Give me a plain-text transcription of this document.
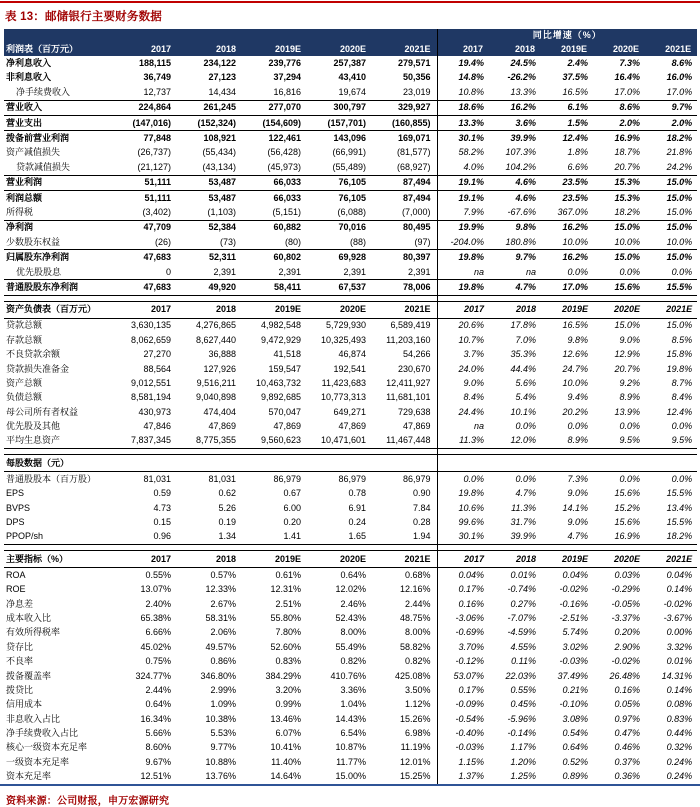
表 13：邮储银行主要财务数据
						同比增速（%）				
利润表（百万元）	2017	2018	2019E	2020E	2021E	2017	2018	2019E	2020E	2021E
净利息收入	188,115	234,122	239,776	257,387	279,571	19.4%	24.5%	2.4%	7.3%	8.6%
非利息收入	36,749	27,123	37,294	43,410	50,356	14.8%	-26.2%	37.5%	16.4%	16.0%
净手续费收入	12,737	14,434	16,816	19,674	23,019	10.8%	13.3%	16.5%	17.0%	17.0%
营业收入	224,864	261,245	277,070	300,797	329,927	18.6%	16.2%	6.1%	8.6%	9.7%
营业支出	(147,016)	(152,324)	(154,609)	(157,701)	(160,855)	13.3%	3.6%	1.5%	2.0%	2.0%
拨备前营业利润	77,848	108,921	122,461	143,096	169,071	30.1%	39.9%	12.4%	16.9%	18.2%
资产减值损失	(26,737)	(55,434)	(56,428)	(66,991)	(81,577)	58.2%	107.3%	1.8%	18.7%	21.8%
贷款减值损失	(21,127)	(43,134)	(45,973)	(55,489)	(68,927)	4.0%	104.2%	6.6%	20.7%	24.2%
营业利润	51,111	53,487	66,033	76,105	87,494	19.1%	4.6%	23.5%	15.3%	15.0%
利润总额	51,111	53,487	66,033	76,105	87,494	19.1%	4.6%	23.5%	15.3%	15.0%
所得税	(3,402)	(1,103)	(5,151)	(6,088)	(7,000)	7.9%	-67.6%	367.0%	18.2%	15.0%
净利润	47,709	52,384	60,882	70,016	80,495	19.9%	9.8%	16.2%	15.0%	15.0%
少数股东权益	(26)	(73)	(80)	(88)	(97)	-204.0%	180.8%	10.0%	10.0%	10.0%
归属股东净利润	47,683	52,311	60,802	69,928	80,397	19.8%	9.7%	16.2%	15.0%	15.0%
优先股股息	0	2,391	2,391	2,391	2,391	na	na	0.0%	0.0%	0.0%
普通股股东净利润	47,683	49,920	58,411	67,537	78,006	19.8%	4.7%	17.0%	15.6%	15.5%

资产负债表（百万元）	2017	2018	2019E	2020E	2021E	2017	2018	2019E	2020E	2021E
贷款总额	3,630,135	4,276,865	4,982,548	5,729,930	6,589,419	20.6%	17.8%	16.5%	15.0%	15.0%
存款总额	8,062,659	8,627,440	9,472,929	10,325,493	11,203,160	10.7%	7.0%	9.8%	9.0%	8.5%
不良贷款余额	27,270	36,888	41,518	46,874	54,266	3.7%	35.3%	12.6%	12.9%	15.8%
贷款损失准备金	88,564	127,926	159,547	192,541	230,670	24.0%	44.4%	24.7%	20.7%	19.8%
资产总额	9,012,551	9,516,211	10,463,732	11,423,683	12,411,927	9.0%	5.6%	10.0%	9.2%	8.7%
负债总额	8,581,194	9,040,898	9,892,685	10,773,313	11,681,101	8.4%	5.4%	9.4%	8.9%	8.4%
母公司所有者权益	430,973	474,404	570,047	649,271	729,638	24.4%	10.1%	20.2%	13.9%	12.4%
优先股及其他	47,846	47,869	47,869	47,869	47,869	na	0.0%	0.0%	0.0%	0.0%
平均生息资产	7,837,345	8,775,355	9,560,623	10,471,601	11,467,448	11.3%	12.0%	8.9%	9.5%	9.5%

每股数据（元）										
普通股股本（百万股）	81,031	81,031	86,979	86,979	86,979	0.0%	0.0%	7.3%	0.0%	0.0%
EPS	0.59	0.62	0.67	0.78	0.90	19.8%	4.7%	9.0%	15.6%	15.5%
BVPS	4.73	5.26	6.00	6.91	7.84	10.6%	11.3%	14.1%	15.2%	13.4%
DPS	0.15	0.19	0.20	0.24	0.28	99.6%	31.7%	9.0%	15.6%	15.5%
PPOP/sh	0.96	1.34	1.41	1.65	1.94	30.1%	39.9%	4.7%	16.9%	18.2%

主要指标（%）	2017	2018	2019E	2020E	2021E	2017	2018	2019E	2020E	2021E
ROA	0.55%	0.57%	0.61%	0.64%	0.68%	0.04%	0.01%	0.04%	0.03%	0.04%
ROE	13.07%	12.33%	12.31%	12.02%	12.16%	0.17%	-0.74%	-0.02%	-0.29%	0.14%
净息差	2.40%	2.67%	2.51%	2.46%	2.44%	0.16%	0.27%	-0.16%	-0.05%	-0.02%
成本收入比	65.38%	58.31%	55.80%	52.43%	48.75%	-3.06%	-7.07%	-2.51%	-3.37%	-3.67%
有效所得税率	6.66%	2.06%	7.80%	8.00%	8.00%	-0.69%	-4.59%	5.74%	0.20%	0.00%
贷存比	45.02%	49.57%	52.60%	55.49%	58.82%	3.70%	4.55%	3.02%	2.90%	3.32%
不良率	0.75%	0.86%	0.83%	0.82%	0.82%	-0.12%	0.11%	-0.03%	-0.02%	0.01%
拨备覆盖率	324.77%	346.80%	384.29%	410.76%	425.08%	53.07%	22.03%	37.49%	26.48%	14.31%
拨贷比	2.44%	2.99%	3.20%	3.36%	3.50%	0.17%	0.55%	0.21%	0.16%	0.14%
信用成本	0.64%	1.09%	0.99%	1.04%	1.12%	-0.09%	0.45%	-0.10%	0.05%	0.08%
非息收入占比	16.34%	10.38%	13.46%	14.43%	15.26%	-0.54%	-5.96%	3.08%	0.97%	0.83%
净手续费收入占比	5.66%	5.53%	6.07%	6.54%	6.98%	-0.40%	-0.14%	0.54%	0.47%	0.44%
核心一级资本充足率	8.60%	9.77%	10.41%	10.87%	11.19%	-0.03%	1.17%	0.64%	0.46%	0.32%
一级资本充足率	9.67%	10.88%	11.40%	11.77%	12.01%	1.15%	1.20%	0.52%	0.37%	0.24%
资本充足率	12.51%	13.76%	14.64%	15.00%	15.25%	1.37%	1.25%	0.89%	0.36%	0.24%
资料来源：公司财报，申万宏源研究
